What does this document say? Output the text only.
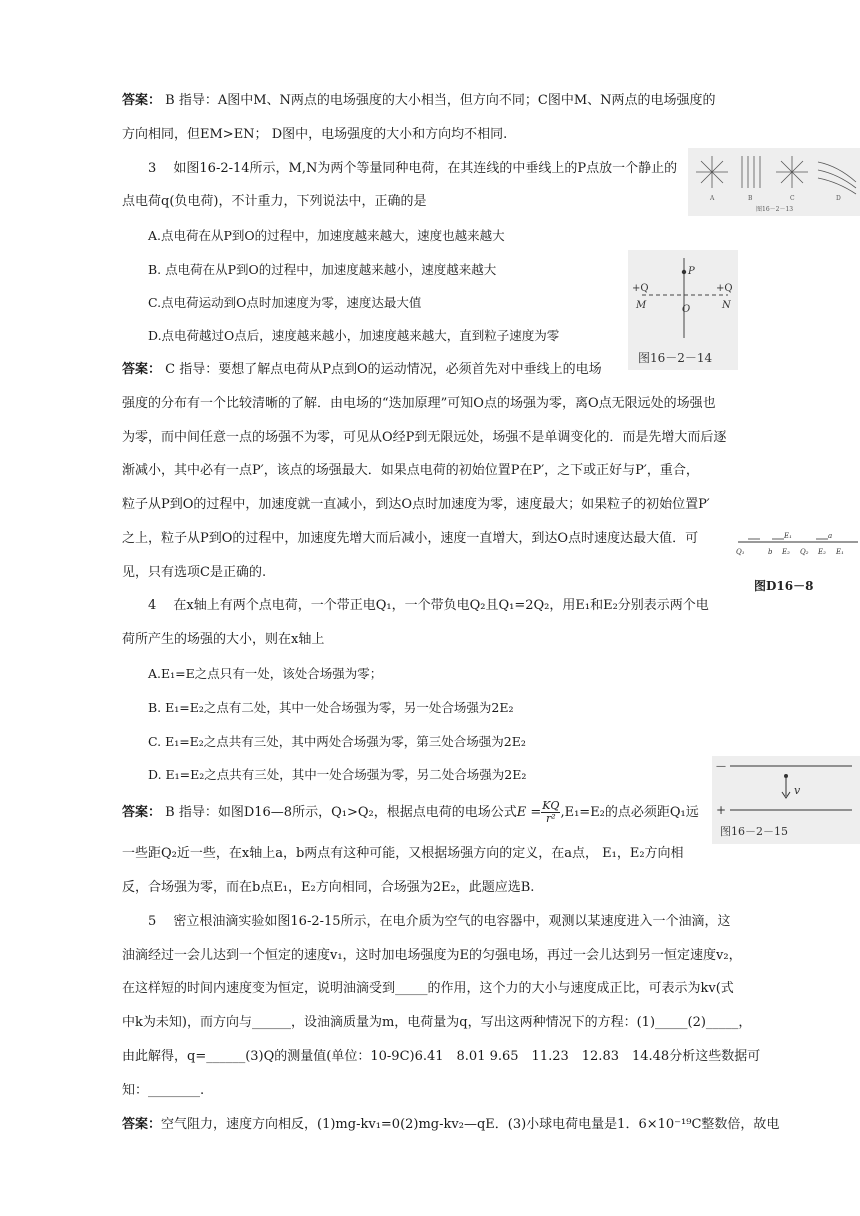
答案： B 指导：A图中M、N两点的电场强度的大小相当，但方向不同；C图中M、N两点的电场强度的
方向相同，但EM>EN； D图中，电场强度的大小和方向均不相同.
3　 如图16-2-14所示，M,N为两个等量同种电荷，在其连线的中垂线上的P点放一个静止的
点电荷q(负电荷)，不计重力，下列说法中，正确的是
A.点电荷在从P到O的过程中，加速度越来越大，速度也越来越大
B. 点电荷在从P到O的过程中，加速度越来越小，速度越来越大
C.点电荷运动到O点时加速度为零，速度达最大值
D.点电荷越过O点后，速度越来越小，加速度越来越大，直到粒子速度为零
答案： C 指导：要想了解点电荷从P点到O的运动情况，必须首先对中垂线上的电场
强度的分布有一个比较清晰的了解．由电场的“迭加原理”可知O点的场强为零，离O点无限远处的场强也
为零，而中间任意一点的场强不为零，可见从O经P到无限远处，场强不是单调变化的．而是先增大而后逐
渐减小，其中必有一点P′，该点的场强最大．如果点电荷的初始位置P在P′，之下或正好与P′，重合，
粒子从P到O的过程中，加速度就一直减小，到达O点时加速度为零，速度最大；如果粒子的初始位置P′
之上，粒子从P到O的过程中，加速度先增大而后减小，速度一直增大，到达O点时速度达最大值．可
见，只有选项C是正确的.
4　 在x轴上有两个点电荷，一个带正电Q₁，一个带负电Q₂且Q₁=2Q₂，用E₁和E₂分别表示两个电
荷所产生的场强的大小，则在x轴上
A.E₁=E之点只有一处，该处合场强为零；
B. E₁=E₂之点有二处，其中一处合场强为零，另一处合场强为2E₂
C. E₁=E₂之点共有三处，其中两处合场强为零，第三处合场强为2E₂
D. E₁=E₂之点共有三处，其中一处合场强为零，另二处合场强为2E₂
答案： B 指导：如图D16—8所示，Q₁>Q₂，根据点电荷的电场公式$E = \frac{KQ}{\text{r²}} ,E_1=E_2$的点必须距Q₁远
一些距Q₂近一些，在x轴上a，b两点有这种可能，又根据场强方向的定义，在a点， E₁，E₂方向相
反，合场强为零，而在b点E₁，E₂方向相同，合场强为2E₂，此题应选B.
5　 密立根油滴实验如图16-2-15所示，在电介质为空气的电容器中，观测以某速度进入一个油滴，这
油滴经过一会儿达到一个恒定的速度v₁，这时加电场强度为E的匀强电场，再过一会儿达到另一恒定速度v₂，
在这样短的时间内速度变为恒定，说明油滴受到_____的作用，这个力的大小与速度成正比，可表示为kv(式
中k为未知)，而方向与______，设油滴质量为m，电荷量为q，写出这两种情况下的方程：(1)_____(2)_____，
由此解得，q=______(3)Q的测量值(单位：10-9C)6.41　8.01 9.65　11.23　12.83　14.48分析这些数据可
知：________.
答案：空气阻力，速度方向相反，(1)mg-kv₁=0(2)mg-kv₂—qE．(3)小球电荷电量是1．6×10⁻¹⁹C整数倍，故电
A	B	C	D
图16－2－13
P
O
+Q
M
+Q
N
图16－2－14
Q₁
E₁
b E₂ Q₂
a
E₂ E₁
图D16－8
—
v
+
图16－2－15
